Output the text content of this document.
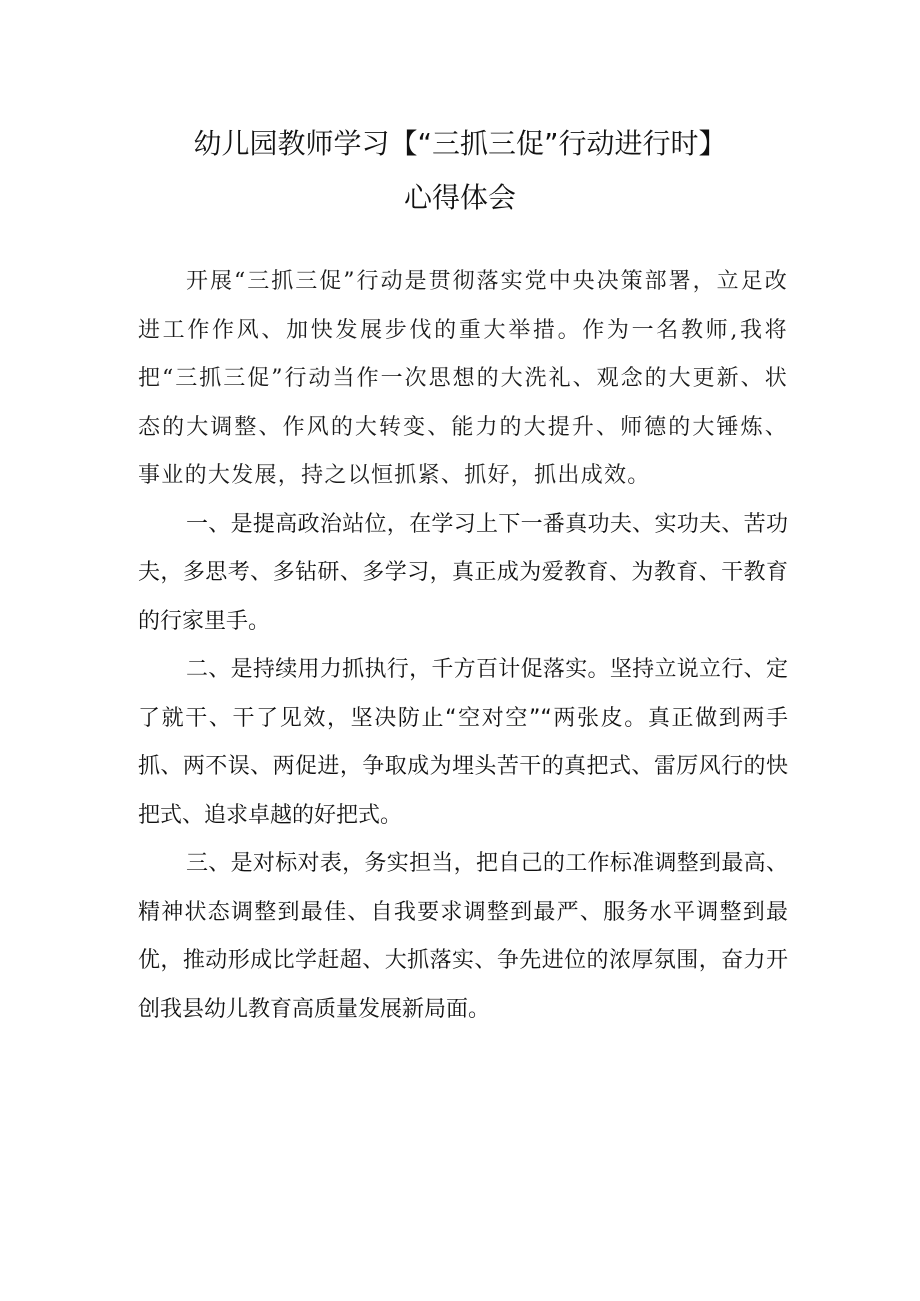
幼儿园教师学习【“三抓三促”行动进行时】
心得体会

开展“三抓三促”行动是贯彻落实党中央决策部署，立足改进工作作风、加快发展步伐的重大举措。作为一名教师,我将把“三抓三促”行动当作一次思想的大洗礼、观念的大更新、状态的大调整、作风的大转变、能力的大提升、师德的大锤炼、事业的大发展，持之以恒抓紧、抓好，抓出成效。

一、是提高政治站位，在学习上下一番真功夫、实功夫、苦功夫，多思考、多钻研、多学习，真正成为爱教育、为教育、干教育的行家里手。

二、是持续用力抓执行，千方百计促落实。坚持立说立行、定了就干、干了见效，坚决防止“空对空”“两张皮。真正做到两手抓、两不误、两促进，争取成为埋头苦干的真把式、雷厉风行的快把式、追求卓越的好把式。

三、是对标对表，务实担当，把自己的工作标准调整到最高、精神状态调整到最佳、自我要求调整到最严、服务水平调整到最优，推动形成比学赶超、大抓落实、争先进位的浓厚氛围，奋力开创我县幼儿教育高质量发展新局面。
